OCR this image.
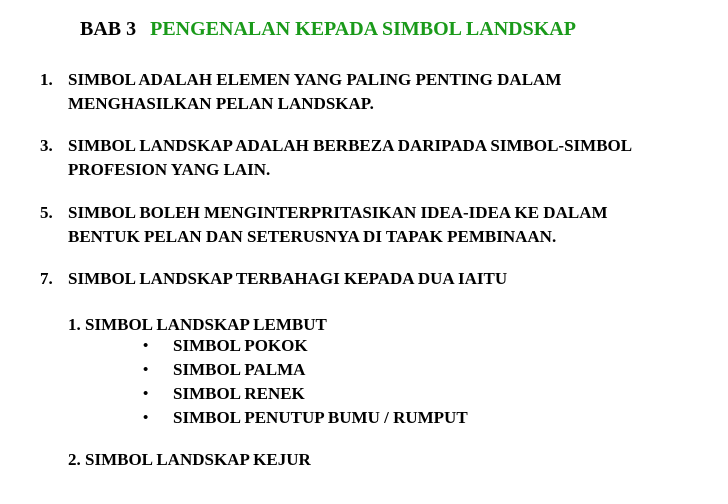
BAB 3 PENGENALAN KEPADA SIMBOL LANDSKAP
1. SIMBOL ADALAH ELEMEN YANG PALING PENTING DALAM
MENGHASILKAN PELAN LANDSKAP.
3. SIMBOL LANDSKAP ADALAH BERBEZA DARIPADA SIMBOL-SIMBOL
PROFESION YANG LAIN.
5. SIMBOL BOLEH MENGINTERPRITASIKAN IDEA-IDEA KE DALAM
BENTUK PELAN DAN SETERUSNYA DI TAPAK PEMBINAAN.
7. SIMBOL LANDSKAP TERBAHAGI KEPADA DUA IAITU
1. SIMBOL LANDSKAP LEMBUT
• SIMBOL POKOK
• SIMBOL PALMA
• SIMBOL RENEK
• SIMBOL PENUTUP BUMU / RUMPUT
2. SIMBOL LANDSKAP KEJUR
